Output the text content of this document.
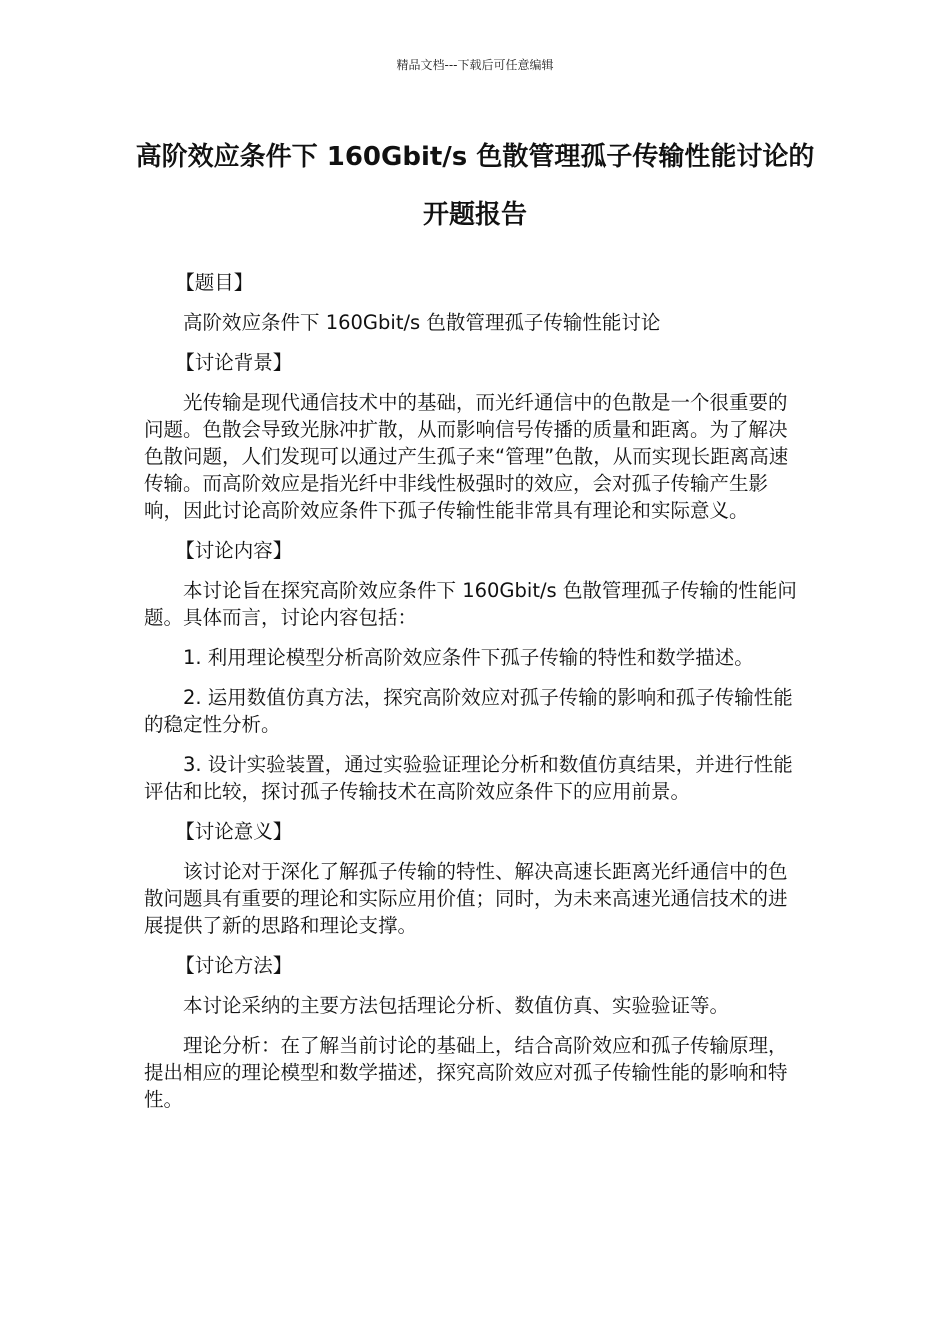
精品文档---下载后可任意编辑
高阶效应条件下 160Gbit/s 色散管理孤子传输性能讨论的开题报告

【题目】

高阶效应条件下 160Gbit/s 色散管理孤子传输性能讨论

【讨论背景】

光传输是现代通信技术中的基础，而光纤通信中的色散是一个很重要的问题。色散会导致光脉冲扩散，从而影响信号传播的质量和距离。为了解决色散问题，人们发现可以通过产生孤子来“管理”色散，从而实现长距离高速传输。而高阶效应是指光纤中非线性极强时的效应，会对孤子传输产生影响，因此讨论高阶效应条件下孤子传输性能非常具有理论和实际意义。

【讨论内容】

本讨论旨在探究高阶效应条件下 160Gbit/s 色散管理孤子传输的性能问题。具体而言，讨论内容包括：

1. 利用理论模型分析高阶效应条件下孤子传输的特性和数学描述。

2. 运用数值仿真方法，探究高阶效应对孤子传输的影响和孤子传输性能的稳定性分析。

3. 设计实验装置，通过实验验证理论分析和数值仿真结果，并进行性能评估和比较，探讨孤子传输技术在高阶效应条件下的应用前景。

【讨论意义】

该讨论对于深化了解孤子传输的特性、解决高速长距离光纤通信中的色散问题具有重要的理论和实际应用价值；同时，为未来高速光通信技术的进展提供了新的思路和理论支撑。

【讨论方法】

本讨论采纳的主要方法包括理论分析、数值仿真、实验验证等。

理论分析：在了解当前讨论的基础上，结合高阶效应和孤子传输原理，提出相应的理论模型和数学描述，探究高阶效应对孤子传输性能的影响和特性。
